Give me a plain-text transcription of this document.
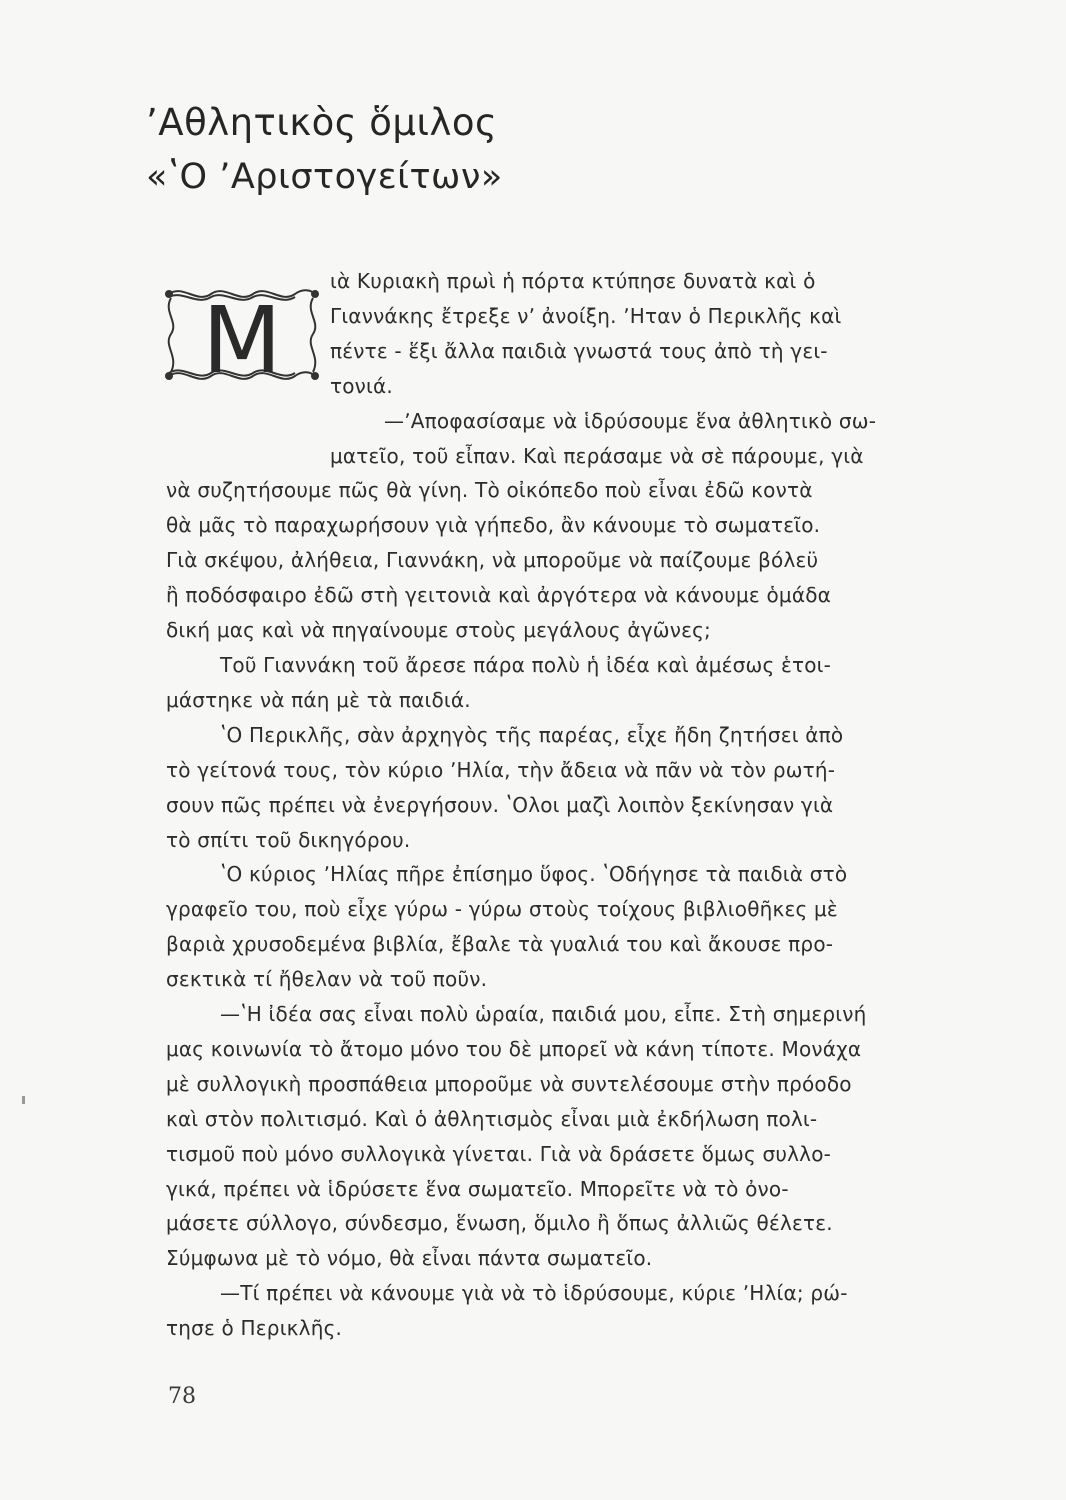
ʼΑθλητικὸς ὅμιλος
«ʽΟ ʼΑριστογείτων»
Μ

ιὰ Κυριακὴ πρωὶ ἡ πόρτα κτύπησε δυνατὰ καὶ ὁ

Γιαννάκης ἔτρεξε νʼ ἀνοίξη. ʼΗταν ὁ Περικλῆς καὶ

πέντε - ἕξι ἄλλα παιδιὰ γνωστά τους ἀπὸ τὴ γει-

τονιά.

—ʼΑποφασίσαμε νὰ ἱδρύσουμε ἕνα ἀθλητικὸ σω-

ματεῖο, τοῦ εἶπαν. Καὶ περάσαμε νὰ σὲ πάρουμε, γιὰ

νὰ συζητήσουμε πῶς θὰ γίνη. Τὸ οἰκόπεδο ποὺ εἶναι ἐδῶ κοντὰ

θὰ μᾶς τὸ παραχωρήσουν γιὰ γήπεδο, ἂν κάνουμε τὸ σωματεῖο.

Γιὰ σκέψου, ἀλήθεια, Γιαννάκη, νὰ μποροῦμε νὰ παίζουμε βόλεϋ

ἢ ποδόσφαιρο ἐδῶ στὴ γειτονιὰ καὶ ἀργότερα νὰ κάνουμε ὁμάδα

δική μας καὶ νὰ πηγαίνουμε στοὺς μεγάλους ἀγῶνες;

Τοῦ Γιαννάκη τοῦ ἄρεσε πάρα πολὺ ἡ ἰδέα καὶ ἀμέσως ἑτοι-

μάστηκε νὰ πάη μὲ τὰ παιδιά.

ʽΟ Περικλῆς, σὰν ἀρχηγὸς τῆς παρέας, εἶχε ἤδη ζητήσει ἀπὸ

τὸ γείτονά τους, τὸν κύριο ʼΗλία, τὴν ἄδεια νὰ πᾶν νὰ τὸν ρωτή-

σουν πῶς πρέπει νὰ ἐνεργήσουν. ʽΟλοι μαζὶ λοιπὸν ξεκίνησαν γιὰ

τὸ σπίτι τοῦ δικηγόρου.

ʽΟ κύριος ʼΗλίας πῆρε ἐπίσημο ὕφος. ʽΟδήγησε τὰ παιδιὰ στὸ

γραφεῖο του, ποὺ εἶχε γύρω - γύρω στοὺς τοίχους βιβλιοθῆκες μὲ

βαριὰ χρυσοδεμένα βιβλία, ἔβαλε τὰ γυαλιά του καὶ ἄκουσε προ-

σεκτικὰ τί ἤθελαν νὰ τοῦ ποῦν.

—ʽΗ ἰδέα σας εἶναι πολὺ ὡραία, παιδιά μου, εἶπε. Στὴ σημερινή

μας κοινωνία τὸ ἄτομο μόνο του δὲ μπορεῖ νὰ κάνη τίποτε. Μονάχα

μὲ συλλογικὴ προσπάθεια μποροῦμε νὰ συντελέσουμε στὴν πρόοδο

καὶ στὸν πολιτισμό. Καὶ ὁ ἀθλητισμὸς εἶναι μιὰ ἐκδήλωση πολι-

τισμοῦ ποὺ μόνο συλλογικὰ γίνεται. Γιὰ νὰ δράσετε ὅμως συλλο-

γικά, πρέπει νὰ ἱδρύσετε ἕνα σωματεῖο. Μπορεῖτε νὰ τὸ ὀνο-

μάσετε σύλλογο, σύνδεσμο, ἕνωση, ὅμιλο ἢ ὅπως ἀλλιῶς θέλετε.

Σύμφωνα μὲ τὸ νόμο, θὰ εἶναι πάντα σωματεῖο.

—Τί πρέπει νὰ κάνουμε γιὰ νὰ τὸ ἱδρύσουμε, κύριε ʼΗλία; ρώ-

τησε ὁ Περικλῆς.

78
